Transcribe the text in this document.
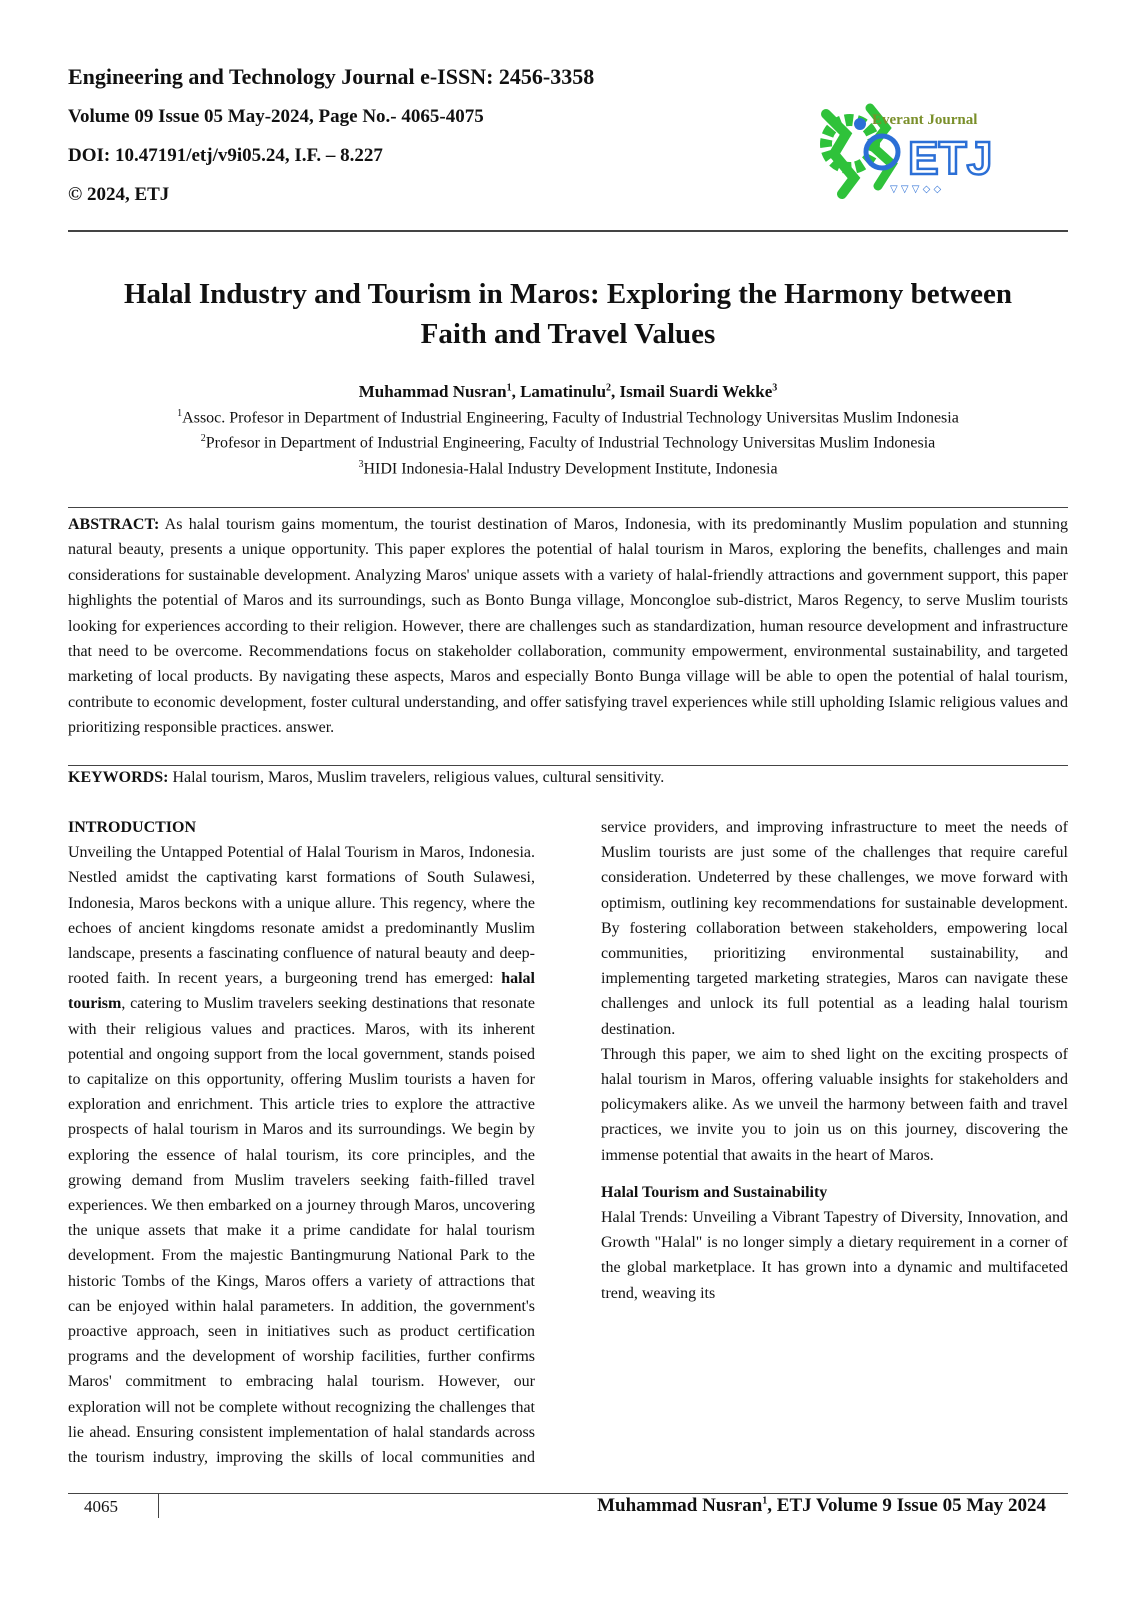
Engineering and Technology Journal e-ISSN: 2456-3358
Volume 09 Issue 05 May-2024, Page No.- 4065-4075
DOI: 10.47191/etj/v9i05.24, I.F. – 8.227
© 2024, ETJ
Everant Journal
ETJ
▽ ▽ ▽ ◇ ◇
Halal Industry and Tourism in Maros: Exploring the Harmony between
Faith and Travel Values
Muhammad Nusran$^1$, Lamatinulu$^2$, Ismail Suardi Wekke$^3$
$^1$Assoc. Profesor in Department of Industrial Engineering, Faculty of Industrial Technology Universitas Muslim Indonesia
$^2$Profesor in Department of Industrial Engineering, Faculty of Industrial Technology Universitas Muslim Indonesia
$^3$HIDI Indonesia-Halal Industry Development Institute, Indonesia
ABSTRACT: As halal tourism gains momentum, the tourist destination of Maros, Indonesia, with its predominantly Muslim population and stunning natural beauty, presents a unique opportunity. This paper explores the potential of halal tourism in Maros, exploring the benefits, challenges and main considerations for sustainable development. Analyzing Maros' unique assets with a variety of halal-friendly attractions and government support, this paper highlights the potential of Maros and its surroundings, such as Bonto Bunga village, Moncongloe sub-district, Maros Regency, to serve Muslim tourists looking for experiences according to their religion. However, there are challenges such as standardization, human resource development and infrastructure that need to be overcome. Recommendations focus on stakeholder collaboration, community empowerment, environmental sustainability, and targeted marketing of local products. By navigating these aspects, Maros and especially Bonto Bunga village will be able to open the potential of halal tourism, contribute to economic development, foster cultural understanding, and offer satisfying travel experiences while still upholding Islamic religious values and prioritizing responsible practices. answer.
KEYWORDS: Halal tourism, Maros, Muslim travelers, religious values, cultural sensitivity.

INTRODUCTION

Unveiling the Untapped Potential of Halal Tourism in Maros, Indonesia. Nestled amidst the captivating karst formations of South Sulawesi, Indonesia, Maros beckons with a unique allure. This regency, where the echoes of ancient kingdoms resonate amidst a predominantly Muslim landscape, presents a fascinating confluence of natural beauty and deep-rooted faith. In recent years, a burgeoning trend has emerged: halal tourism, catering to Muslim travelers seeking destinations that resonate with their religious values and practices. Maros, with its inherent potential and ongoing support from the local government, stands poised to capitalize on this opportunity, offering Muslim tourists a haven for exploration and enrichment. This article tries to explore the attractive prospects of halal tourism in Maros and its surroundings. We begin by exploring the essence of halal tourism, its core principles, and the growing demand from Muslim travelers seeking faith-filled travel experiences. We then embarked on a journey through Maros, uncovering the unique assets that make it a prime candidate for halal tourism development. From the majestic Bantingmurung National Park to the historic Tombs of the Kings, Maros offers a variety of attractions that can be enjoyed within halal parameters. In addition, the government's proactive approach, seen in initiatives such as product certification programs and the development of worship facilities, further confirms Maros' commitment to embracing halal tourism. However, our exploration will not be complete without recognizing the challenges that lie ahead. Ensuring consistent implementation of halal standards across the tourism industry, improving the skills of local communities and service providers, and improving infrastructure to meet the needs of Muslim tourists are just some of the challenges that require careful consideration. Undeterred by these challenges, we move forward with optimism, outlining key recommendations for sustainable development. By fostering collaboration between stakeholders, empowering local communities, prioritizing environmental sustainability, and implementing targeted marketing strategies, Maros can navigate these challenges and unlock its full potential as a leading halal tourism destination.

Through this paper, we aim to shed light on the exciting prospects of halal tourism in Maros, offering valuable insights for stakeholders and policymakers alike. As we unveil the harmony between faith and travel practices, we invite you to join us on this journey, discovering the immense potential that awaits in the heart of Maros.

Halal Tourism and Sustainability

Halal Trends: Unveiling a Vibrant Tapestry of Diversity, Innovation, and Growth "Halal" is no longer simply a dietary requirement in a corner of the global marketplace. It has grown into a dynamic and multifaceted trend, weaving its

4065	Muhammad Nusran$^1$, ETJ Volume 9 Issue 05 May 2024
